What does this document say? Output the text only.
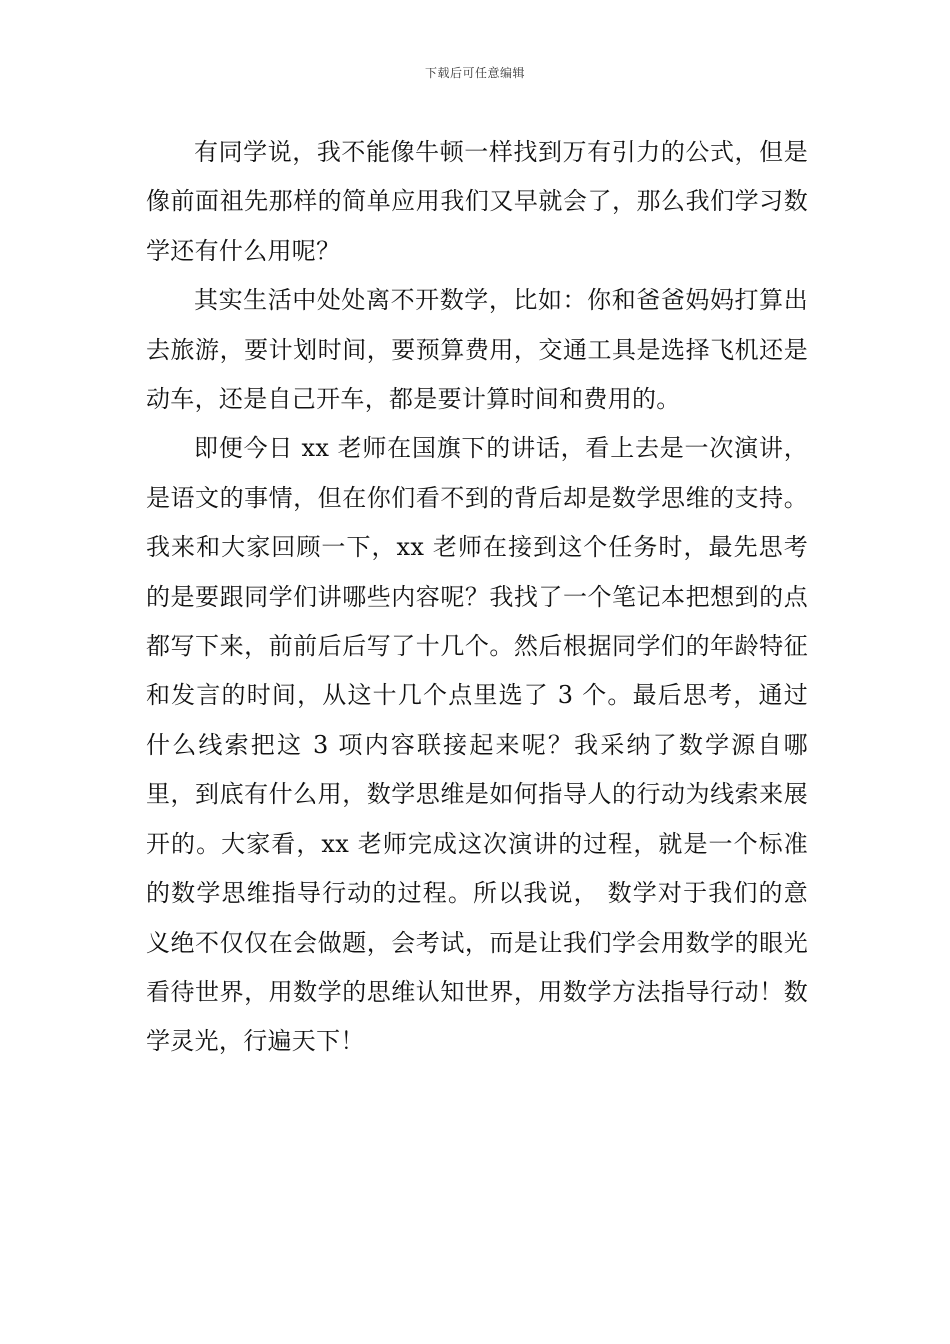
下载后可任意编辑

有同学说，我不能像牛顿一样找到万有引力的公式，但是像前面祖先那样的简单应用我们又早就会了，那么我们学习数学还有什么用呢？

其实生活中处处离不开数学，比如：你和爸爸妈妈打算出去旅游，要计划时间，要预算费用，交通工具是选择飞机还是动车，还是自己开车，都是要计算时间和费用的。

即便今日 xx 老师在国旗下的讲话，看上去是一次演讲，是语文的事情，但在你们看不到的背后却是数学思维的支持。我来和大家回顾一下，xx 老师在接到这个任务时，最先思考的是要跟同学们讲哪些内容呢？我找了一个笔记本把想到的点都写下来，前前后后写了十几个。然后根据同学们的年龄特征和发言的时间，从这十几个点里选了 3 个。最后思考，通过什么线索把这 3 项内容联接起来呢？我采纳了数学源自哪里，到底有什么用，数学思维是如何指导人的行动为线索来展开的。大家看，xx 老师完成这次演讲的过程，就是一个标准的数学思维指导行动的过程。所以我说， 数学对于我们的意义绝不仅仅在会做题，会考试，而是让我们学会用数学的眼光看待世界，用数学的思维认知世界，用数学方法指导行动！数学灵光，行遍天下！
